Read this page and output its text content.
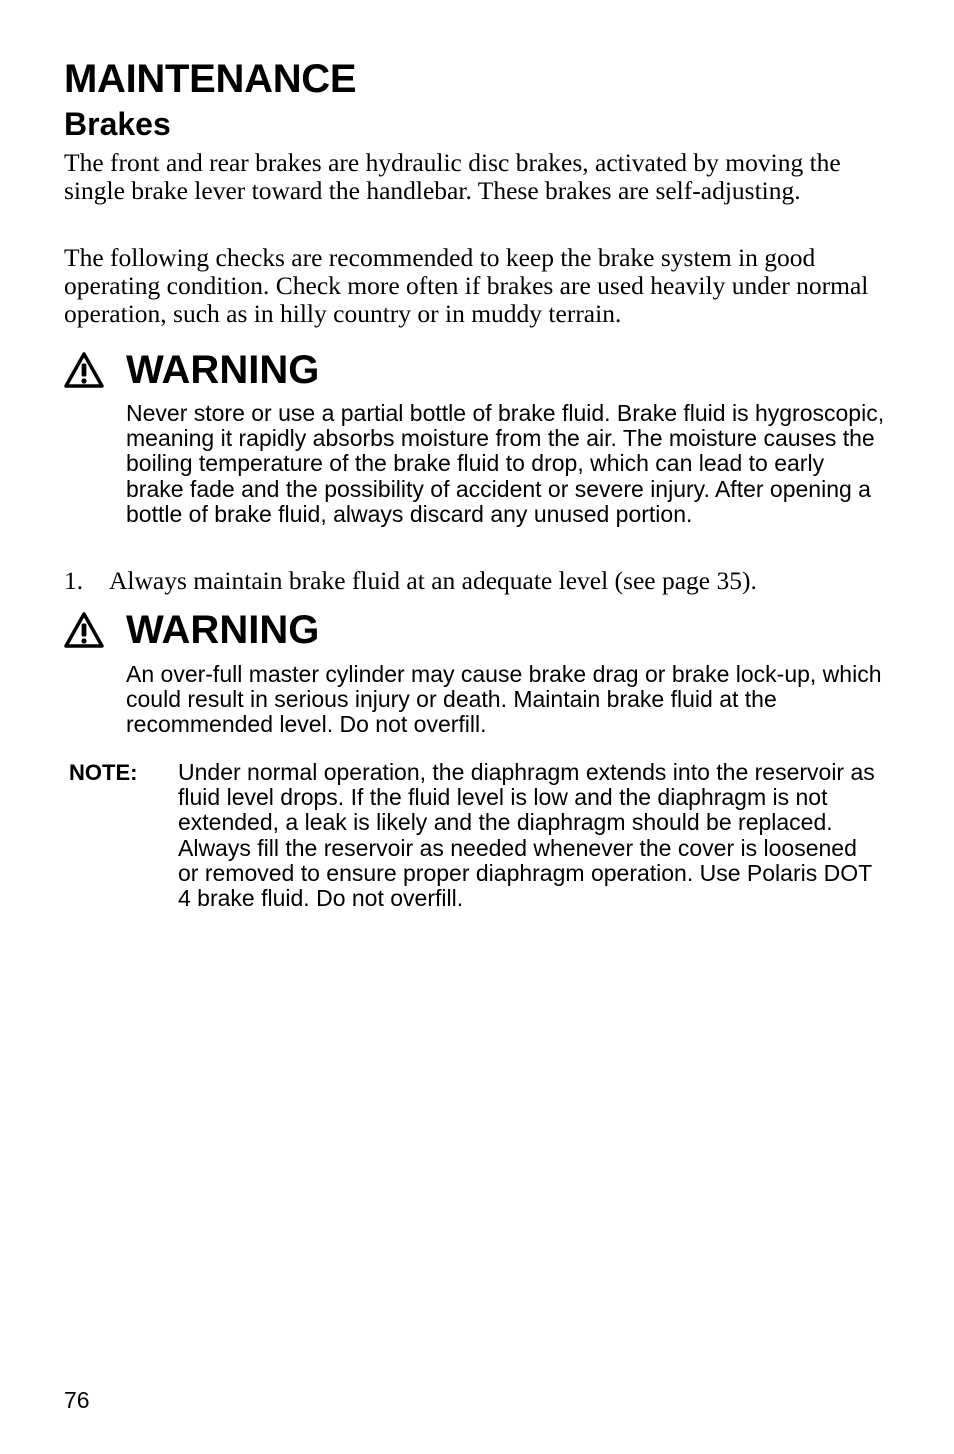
MAINTENANCE
Brakes

The front and rear brakes are hydraulic disc brakes, activated by moving the single brake lever toward the handlebar. These brakes are self-adjusting.

The following checks are recommended to keep the brake system in good operating condition. Check more often if brakes are used heavily under normal operation, such as in hilly country or in muddy terrain.

WARNING

Never store or use a partial bottle of brake fluid. Brake fluid is hygroscopic, meaning it rapidly absorbs moisture from the air. The moisture causes the boiling temperature of the brake fluid to drop, which can lead to early brake fade and the possibility of accident or severe injury. After opening a bottle of brake fluid, always discard any unused portion.

1. Always maintain brake fluid at an adequate level (see page 35).
WARNING

An over-full master cylinder may cause brake drag or brake lock-up, which could result in serious injury or death. Maintain brake fluid at the recommended level. Do not overfill.

NOTE: Under normal operation, the diaphragm extends into the reservoir as fluid level drops. If the fluid level is low and the diaphragm is not extended, a leak is likely and the diaphragm should be replaced. Always fill the reservoir as needed whenever the cover is loosened or removed to ensure proper diaphragm operation. Use Polaris DOT 4 brake fluid. Do not overfill.

76
